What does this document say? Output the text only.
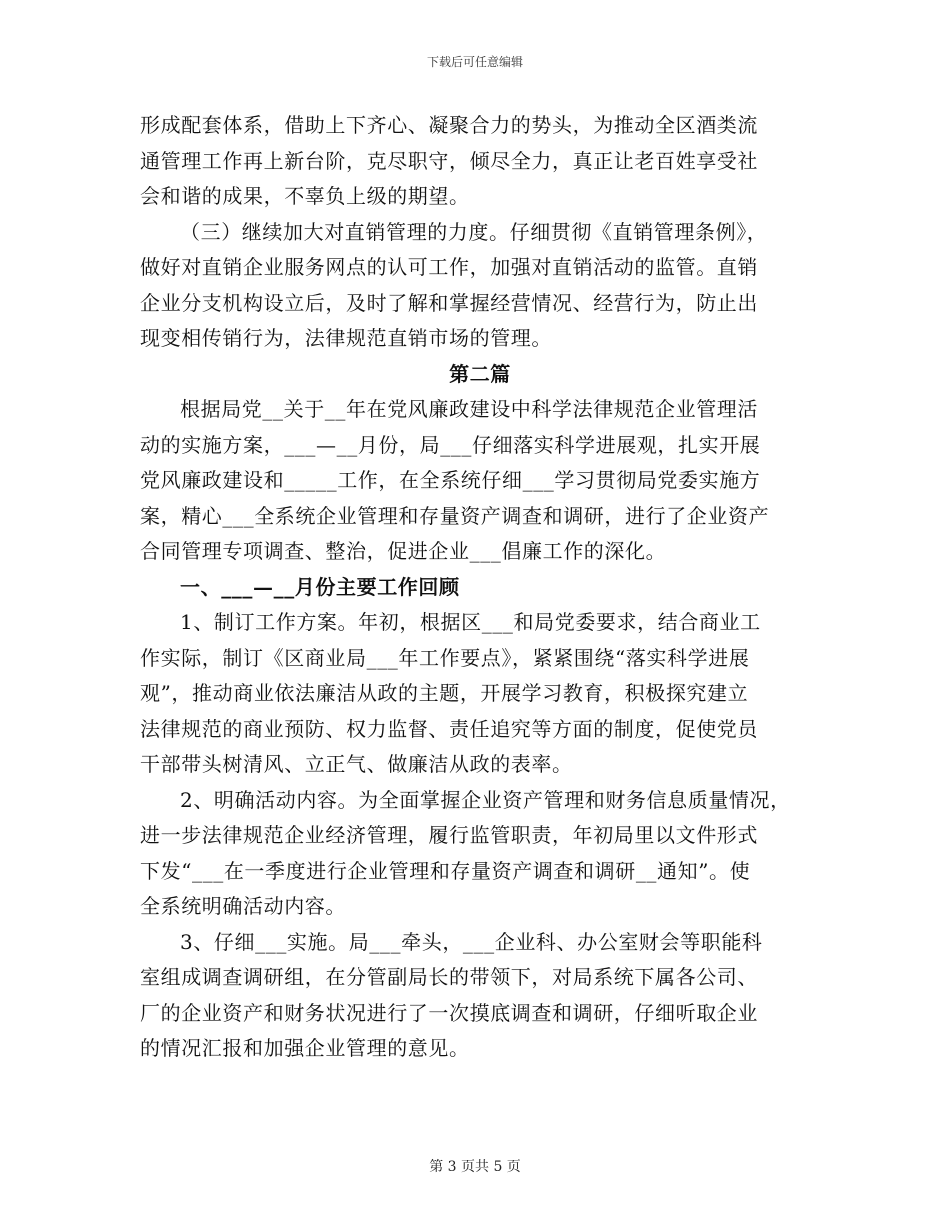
下载后可任意编辑
形成配套体系，借助上下齐心、凝聚合力的势头，为推动全区酒类流
通管理工作再上新台阶，克尽职守，倾尽全力，真正让老百姓享受社
会和谐的成果，不辜负上级的期望。
（三）继续加大对直销管理的力度。仔细贯彻《直销管理条例》，
做好对直销企业服务网点的认可工作，加强对直销活动的监管。直销
企业分支机构设立后，及时了解和掌握经营情况、经营行为，防止出
现变相传销行为，法律规范直销市场的管理。
第二篇
根据局党__关于__年在党风廉政建设中科学法律规范企业管理活
动的实施方案，___—__月份，局___仔细落实科学进展观，扎实开展
党风廉政建设和_____工作，在全系统仔细___学习贯彻局党委实施方
案，精心___全系统企业管理和存量资产调查和调研，进行了企业资产
合同管理专项调查、整治，促进企业___倡廉工作的深化。
一、___—__月份主要工作回顾
1、制订工作方案。年初，根据区___和局党委要求，结合商业工
作实际，制订《区商业局___年工作要点》，紧紧围绕“落实科学进展
观”，推动商业依法廉洁从政的主题，开展学习教育，积极探究建立
法律规范的商业预防、权力监督、责任追究等方面的制度，促使党员
干部带头树清风、立正气、做廉洁从政的表率。
2、明确活动内容。为全面掌握企业资产管理和财务信息质量情况，
进一步法律规范企业经济管理，履行监管职责，年初局里以文件形式
下发“___在一季度进行企业管理和存量资产调查和调研__通知”。使
全系统明确活动内容。
3、仔细___实施。局___牵头，___企业科、办公室财会等职能科
室组成调查调研组，在分管副局长的带领下，对局系统下属各公司、
厂的企业资产和财务状况进行了一次摸底调查和调研，仔细听取企业
的情况汇报和加强企业管理的意见。
第 3 页共 5 页
